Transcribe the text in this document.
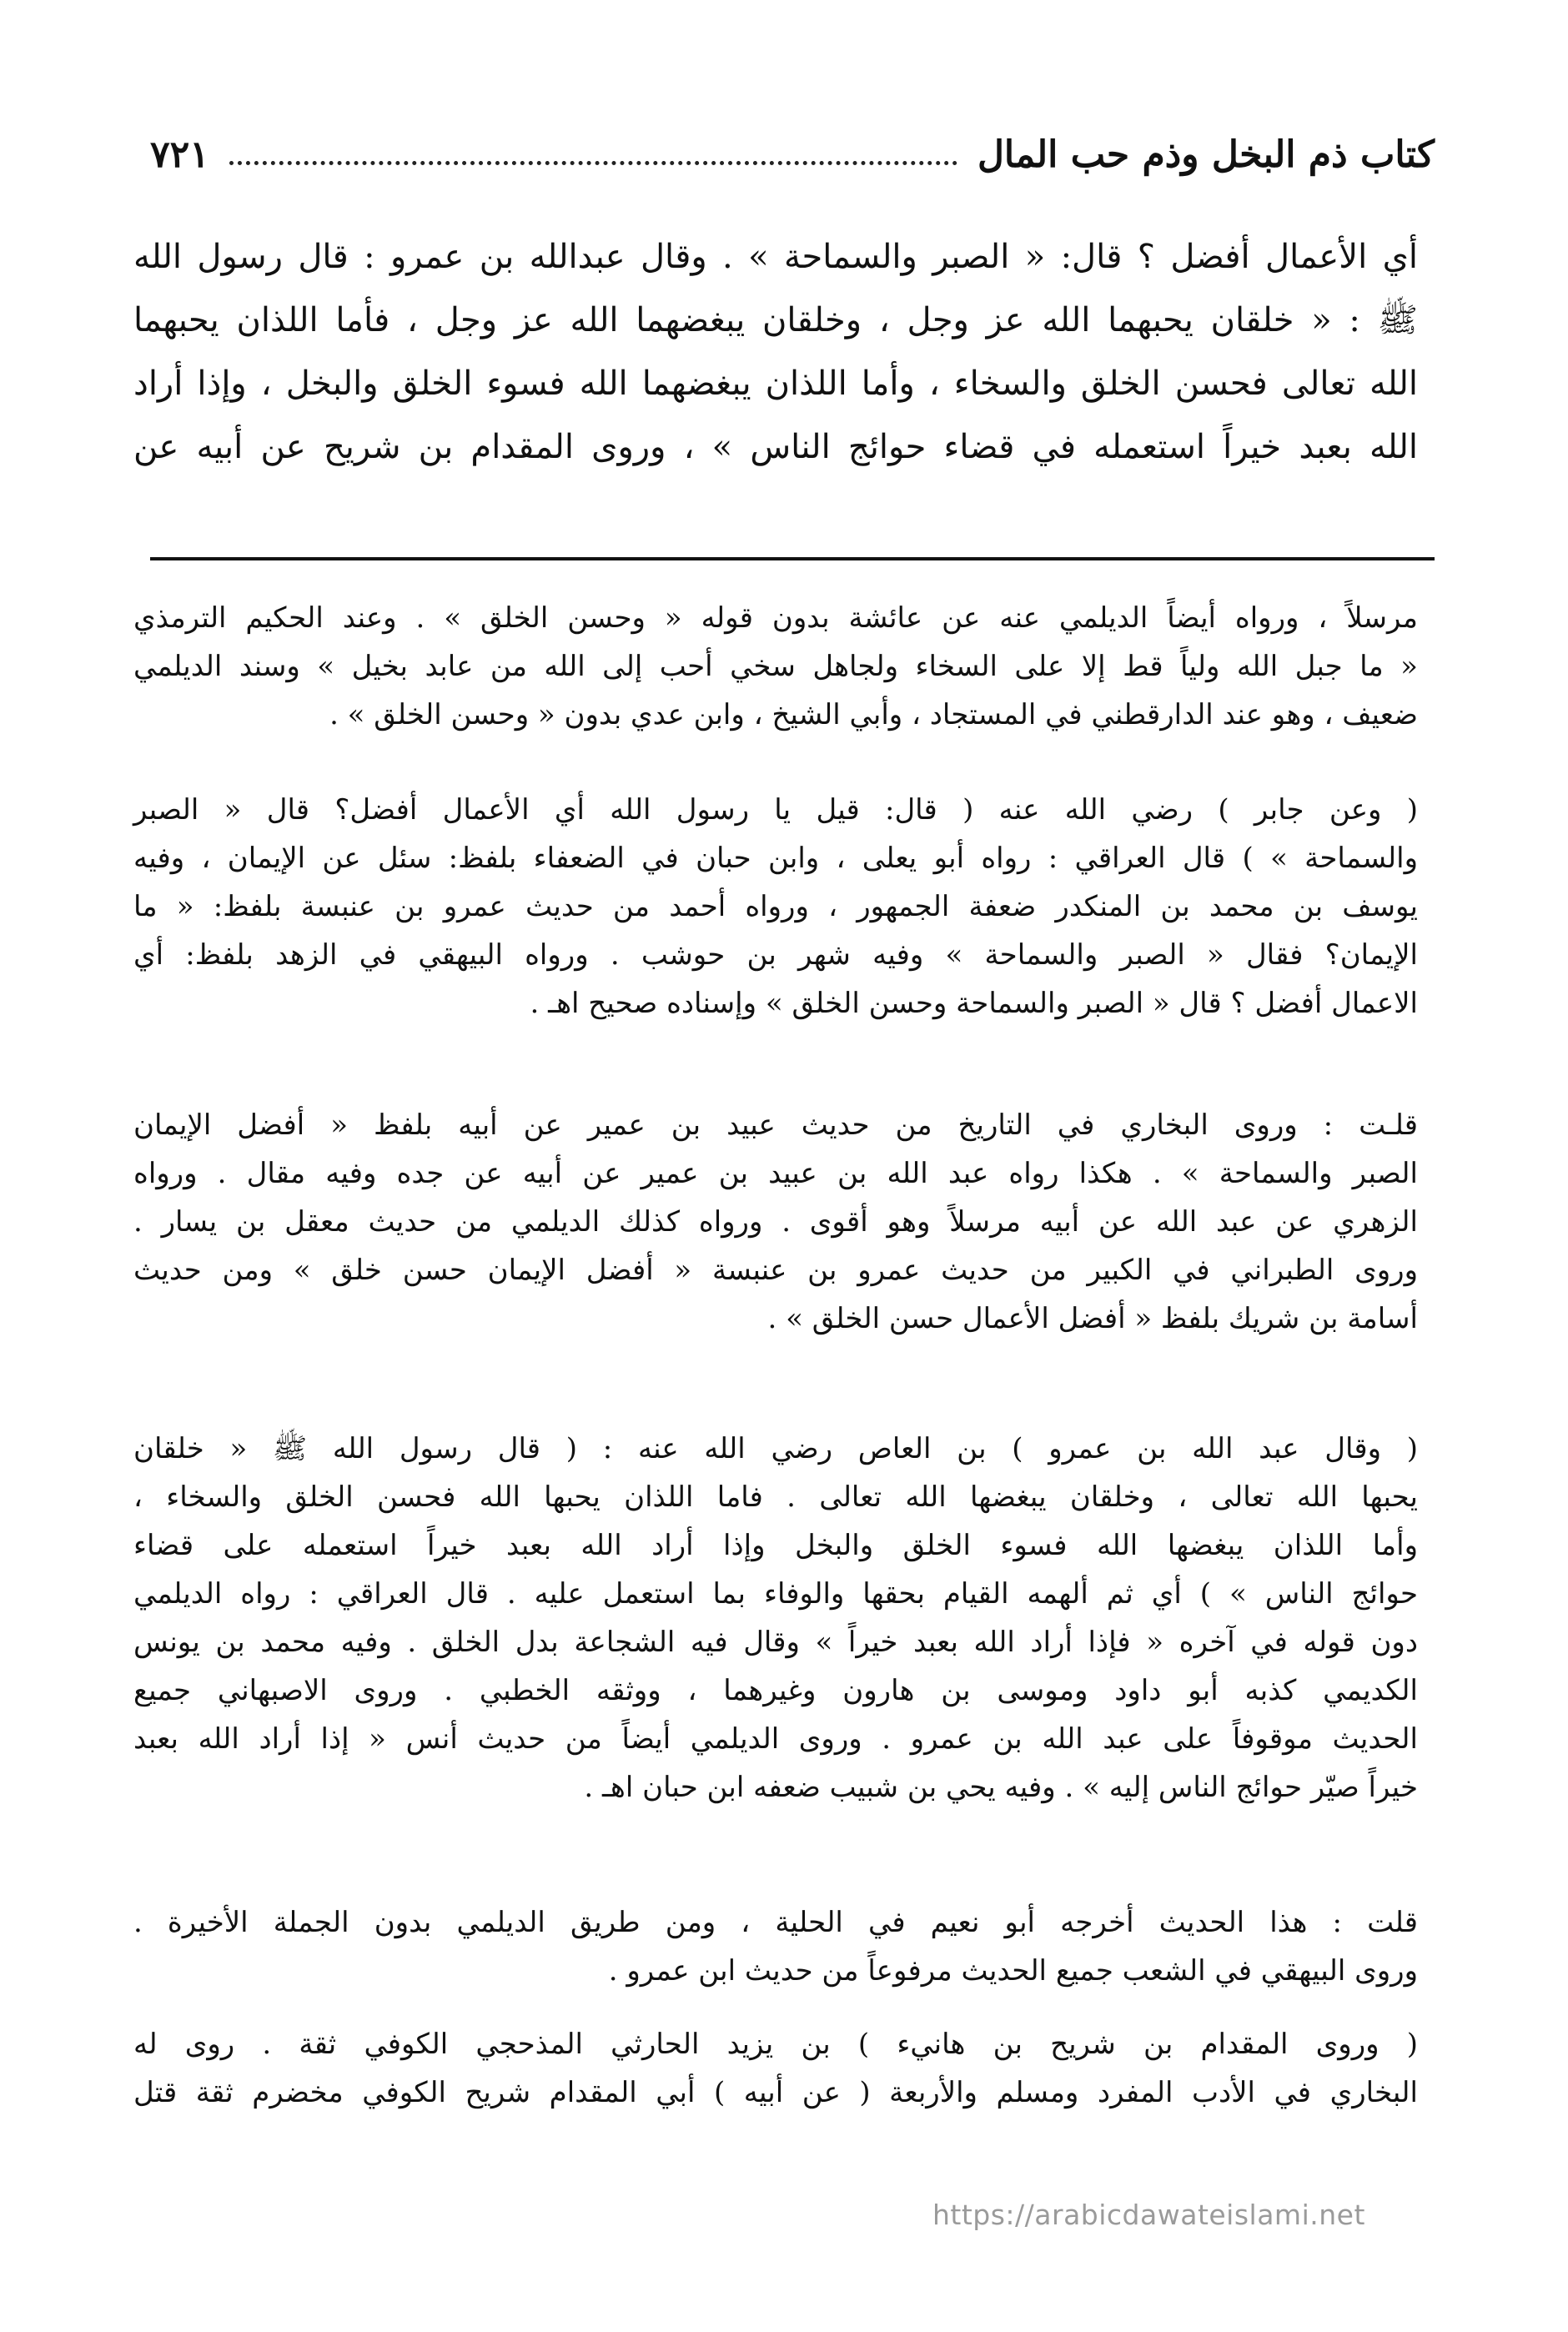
كتاب ذم البخل وذم حب المال
٧٢١
أي الأعمال أفضل ؟ قال: « الصبر والسماحة » . وقال عبدالله بن عمرو : قال رسول الله
ﷺ : « خلقان يحبهما الله عز وجل ، وخلقان يبغضهما الله عز وجل ، فأما اللذان يحبهما
الله تعالى فحسن الخلق والسخاء ، وأما اللذان يبغضهما الله فسوء الخلق والبخل ، وإذا أراد
الله بعبد خيراً استعمله في قضاء حوائج الناس » ، وروى المقدام بن شريح عن أبيه عن
مرسلاً ، ورواه أيضاً الديلمي عنه عن عائشة بدون قوله « وحسن الخلق » . وعند الحكيم الترمذي
« ما جبل الله ولياً قط إلا على السخاء ولجاهل سخي أحب إلى الله من عابد بخيل » وسند الديلمي
ضعيف ، وهو عند الدارقطني في المستجاد ، وأبي الشيخ ، وابن عدي بدون « وحسن الخلق » .
( وعن جابر ) رضي الله عنه ( قال: قيل يا رسول الله أي الأعمال أفضل؟ قال « الصبر
والسماحة » ) قال العراقي : رواه أبو يعلى ، وابن حبان في الضعفاء بلفظ: سئل عن الإيمان ، وفيه
يوسف بن محمد بن المنكدر ضعفة الجمهور ، ورواه أحمد من حديث عمرو بن عنبسة بلفظ: « ما
الإيمان؟ فقال « الصبر والسماحة » وفيه شهر بن حوشب . ورواه البيهقي في الزهد بلفظ: أي
الاعمال أفضل ؟ قال « الصبر والسماحة وحسن الخلق » وإسناده صحيح اهـ .
قلـت : وروى البخاري في التاريخ من حديث عبيد بن عمير عن أبيه بلفظ « أفضل الإيمان
الصبر والسماحة » . هكذا رواه عبد الله بن عبيد بن عمير عن أبيه عن جده وفيه مقال . ورواه
الزهري عن عبد الله عن أبيه مرسلاً وهو أقوى . ورواه كذلك الديلمي من حديث معقل بن يسار .
وروى الطبراني في الكبير من حديث عمرو بن عنبسة « أفضل الإيمان حسن خلق » ومن حديث
أسامة بن شريك بلفظ « أفضل الأعمال حسن الخلق » .
( وقال عبد الله بن عمرو ) بن العاص رضي الله عنه : ( قال رسول الله ﷺ « خلقان
يحبها الله تعالى ، وخلقان يبغضها الله تعالى . فاما اللذان يحبها الله فحسن الخلق والسخاء ،
وأما اللذان يبغضها الله فسوء الخلق والبخل وإذا أراد الله بعبد خيراً استعمله على قضاء
حوائج الناس » ) أي ثم ألهمه القيام بحقها والوفاء بما استعمل عليه . قال العراقي : رواه الديلمي
دون قوله في آخره « فإذا أراد الله بعبد خيراً » وقال فيه الشجاعة بدل الخلق . وفيه محمد بن يونس
الكديمي كذبه أبو داود وموسى بن هارون وغيرهما ، ووثقه الخطبي . وروى الاصبهاني جميع
الحديث موقوفاً على عبد الله بن عمرو . وروى الديلمي أيضاً من حديث أنس « إذا أراد الله بعبد
خيراً صيّر حوائج الناس إليه » . وفيه يحي بن شبيب ضعفه ابن حبان اهـ .
قلت : هذا الحديث أخرجه أبو نعيم في الحلية ، ومن طريق الديلمي بدون الجملة الأخيرة .
وروى البيهقي في الشعب جميع الحديث مرفوعاً من حديث ابن عمرو .
( وروى المقدام بن شريح بن هانيء ) بن يزيد الحارثي المذحجي الكوفي ثقة . روى له
البخاري في الأدب المفرد ومسلم والأربعة ( عن أبيه ) أبي المقدام شريح الكوفي مخضرم ثقة قتل
https://arabicdawateislami.net
